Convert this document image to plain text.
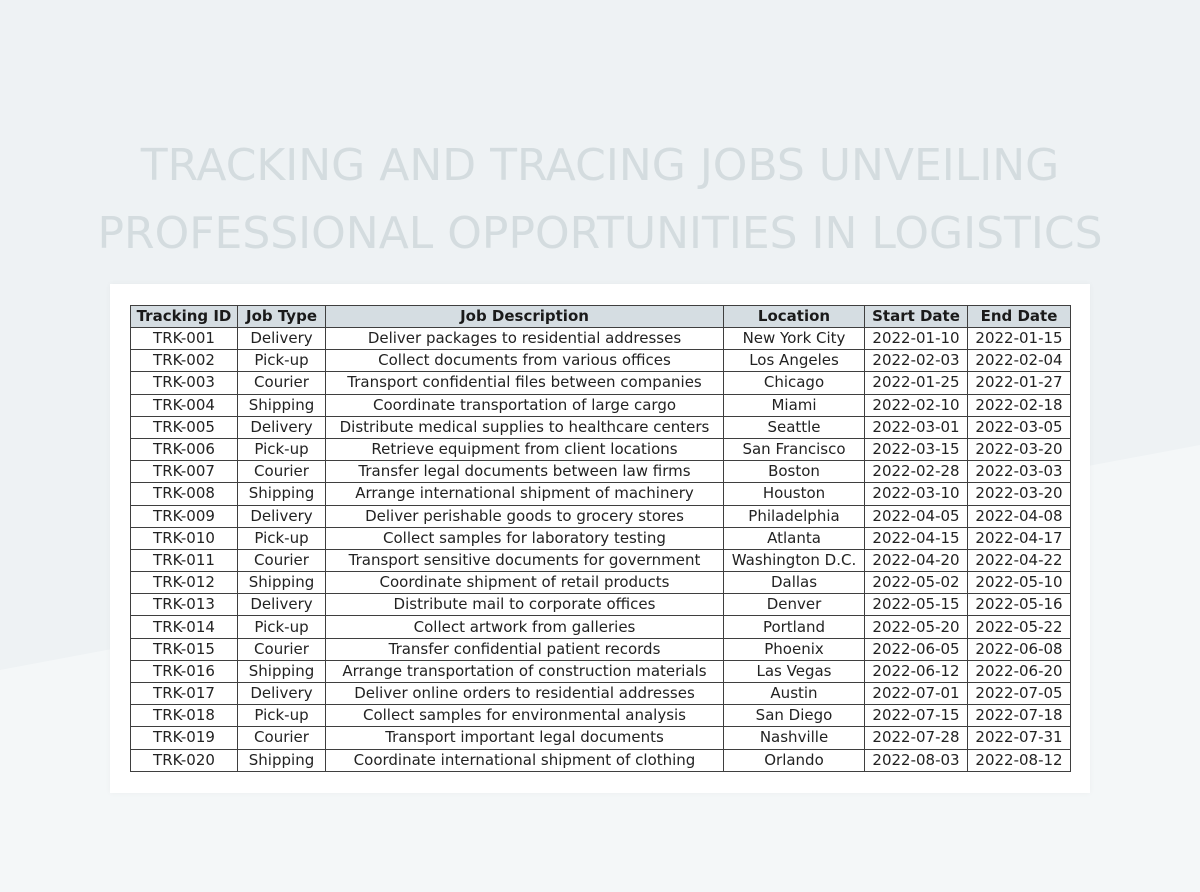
TRACKING AND TRACING JOBS UNVEILING
PROFESSIONAL OPPORTUNITIES IN LOGISTICS
Tracking ID	Job Type	Job Description	Location	Start Date	End Date
TRK-001	Delivery	Deliver packages to residential addresses	New York City	2022-01-10	2022-01-15
TRK-002	Pick-up	Collect documents from various offices	Los Angeles	2022-02-03	2022-02-04
TRK-003	Courier	Transport confidential files between companies	Chicago	2022-01-25	2022-01-27
TRK-004	Shipping	Coordinate transportation of large cargo	Miami	2022-02-10	2022-02-18
TRK-005	Delivery	Distribute medical supplies to healthcare centers	Seattle	2022-03-01	2022-03-05
TRK-006	Pick-up	Retrieve equipment from client locations	San Francisco	2022-03-15	2022-03-20
TRK-007	Courier	Transfer legal documents between law firms	Boston	2022-02-28	2022-03-03
TRK-008	Shipping	Arrange international shipment of machinery	Houston	2022-03-10	2022-03-20
TRK-009	Delivery	Deliver perishable goods to grocery stores	Philadelphia	2022-04-05	2022-04-08
TRK-010	Pick-up	Collect samples for laboratory testing	Atlanta	2022-04-15	2022-04-17
TRK-011	Courier	Transport sensitive documents for government	Washington D.C.	2022-04-20	2022-04-22
TRK-012	Shipping	Coordinate shipment of retail products	Dallas	2022-05-02	2022-05-10
TRK-013	Delivery	Distribute mail to corporate offices	Denver	2022-05-15	2022-05-16
TRK-014	Pick-up	Collect artwork from galleries	Portland	2022-05-20	2022-05-22
TRK-015	Courier	Transfer confidential patient records	Phoenix	2022-06-05	2022-06-08
TRK-016	Shipping	Arrange transportation of construction materials	Las Vegas	2022-06-12	2022-06-20
TRK-017	Delivery	Deliver online orders to residential addresses	Austin	2022-07-01	2022-07-05
TRK-018	Pick-up	Collect samples for environmental analysis	San Diego	2022-07-15	2022-07-18
TRK-019	Courier	Transport important legal documents	Nashville	2022-07-28	2022-07-31
TRK-020	Shipping	Coordinate international shipment of clothing	Orlando	2022-08-03	2022-08-12
